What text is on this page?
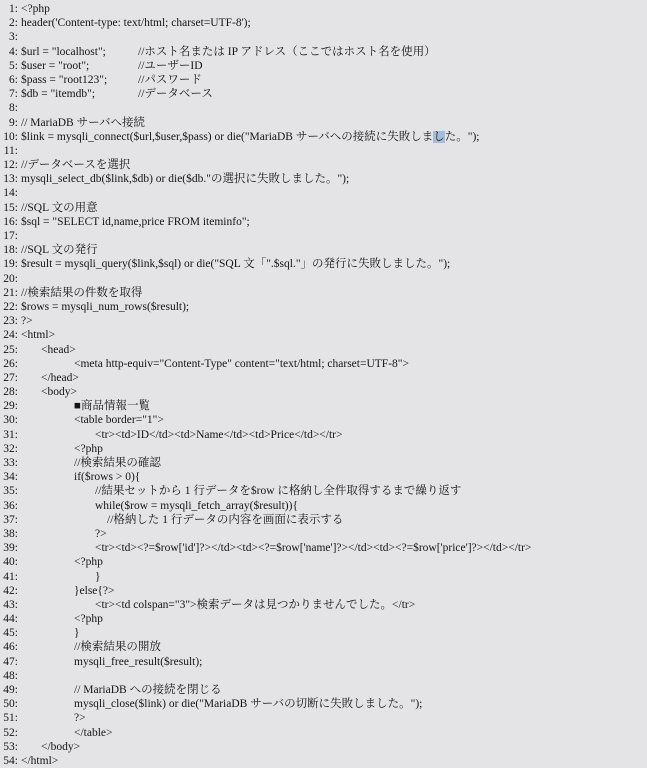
1: <?php
2: header('Content-type: text/html; charset=UTF-8');
3:
4: $url = "localhost";	//ホスト名または IP アドレス（ここではホスト名を使用）
5: $user = "root";	//ユーザーID
6: $pass = "root123";	//パスワード
7: $db = "itemdb";	//データベース
8:
9: // MariaDB サーバへ接続
10: $link = mysqli_connect($url,$user,$pass) or die("MariaDB サーバへの接続に失敗しました。");
11:
12: //データベースを選択
13: mysqli_select_db($link,$db) or die($db."の選択に失敗しました。");
14:
15: //SQL 文の用意
16: $sql = "SELECT id,name,price FROM iteminfo";
17:
18: //SQL 文の発行
19: $result = mysqli_query($link,$sql) or die("SQL 文「".$sql."」の発行に失敗しました。");
20:
21: //検索結果の件数を取得
22: $rows = mysqli_num_rows($result);
23: ?>
24: <html>
25: <head>
26:	<meta http-equiv="Content-Type" content="text/html; charset=UTF-8">
27: </head>
28: <body>
29:	■商品情報一覧
30:	<table border="1">
31:	<tr><td>ID</td><td>Name</td><td>Price</td></tr>
32:	<?php
33:	//検索結果の確認
34:	if($rows > 0){
35:	//結果セットから 1 行データを$row に格納し全件取得するまで繰り返す
36:	while($row = mysqli_fetch_array($result)){
37:	//格納した 1 行データの内容を画面に表示する
38:	?>
39:	<tr><td><?=$row['id']?></td><td><?=$row['name']?></td><td><?=$row['price']?></td></tr>
40:	<?php
41:	}
42:	}else{?>
43:	<tr><td colspan="3">検索データは見つかりませんでした。</tr>
44:	<?php
45:	}
46:	//検索結果の開放
47:	mysqli_free_result($result);
48:
49:	// MariaDB への接続を閉じる
50:	mysqli_close($link) or die("MariaDB サーバの切断に失敗しました。");
51:	?>
52:	</table>
53: </body>
54: </html>
